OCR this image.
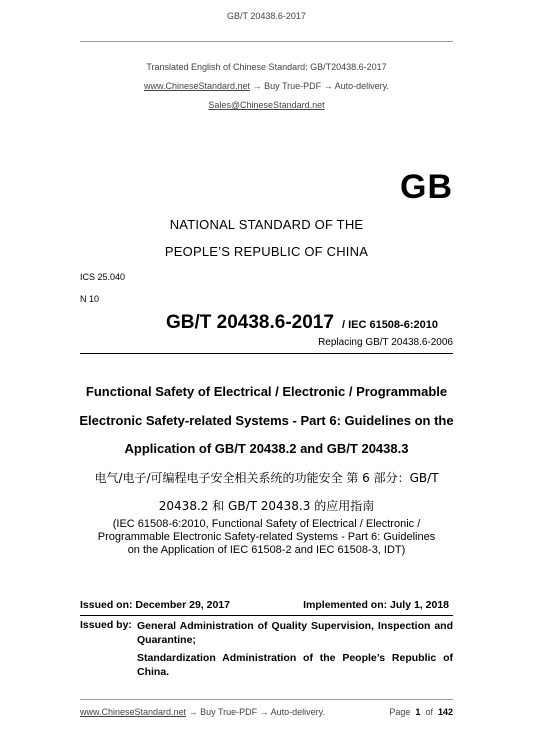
GB/T 20438.6-2017
Translated English of Chinese Standard: GB/T20438.6-2017
www.ChineseStandard.net → Buy True-PDF → Auto-delivery.
Sales@ChineseStandard.net
GB
NATIONAL STANDARD OF THE
PEOPLE’S REPUBLIC OF CHINA
ICS 25.040
N 10
GB/T 20438.6-2017 / IEC 61508-6:2010
Replacing GB/T 20438.6-2006
Functional Safety of Electrical / Electronic / Programmable
Electronic Safety-related Systems - Part 6: Guidelines on the
Application of GB/T 20438.2 and GB/T 20438.3
电气/电子/可编程电子安全相关系统的功能安全 第 6 部分：GB/T
20438.2 和 GB/T 20438.3 的应用指南
(IEC 61508-6:2010, Functional Safety of Electrical / Electronic /
Programmable Electronic Safety-related Systems - Part 6: Guidelines
on the Application of IEC 61508-2 and IEC 61508-3, IDT)
Issued on: December 29, 2017	Implemented on: July 1, 2018
Issued by: General Administration of Quality Supervision, Inspection and Quarantine;
Standardization Administration of the People’s Republic of China.
www.ChineseStandard.net → Buy True-PDF → Auto-delivery.	Page 1 of 142
